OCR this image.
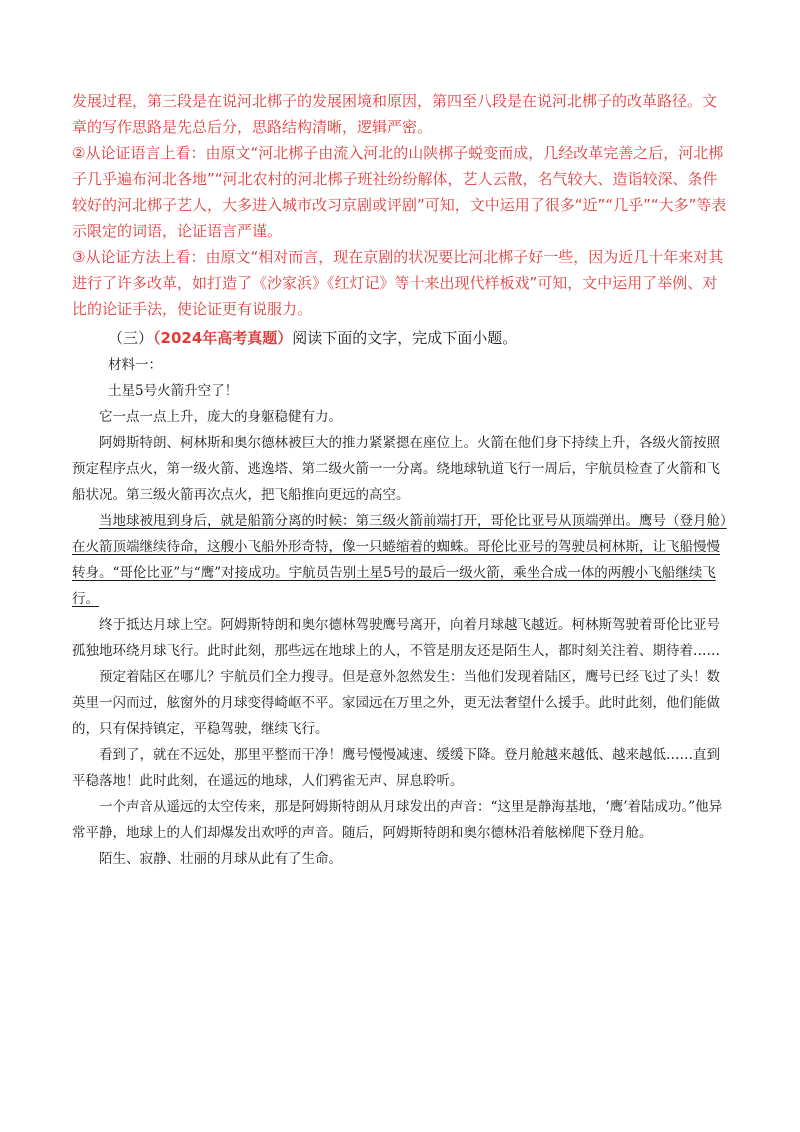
发展过程，第三段是在说河北梆子的发展困境和原因，第四至八段是在说河北梆子的改革路径。文章的写作思路是先总后分，思路结构清晰，逻辑严密。

②从论证语言上看：由原文“河北梆子由流入河北的山陕梆子蜕变而成，几经改革完善之后，河北梆子几乎遍布河北各地”“河北农村的河北梆子班社纷纷解体，艺人云散，名气较大、造诣较深、条件较好的河北梆子艺人，大多进入城市改习京剧或评剧”可知，文中运用了很多“近”“几乎”“大多”等表示限定的词语，论证语言严谨。

③从论证方法上看：由原文“相对而言，现在京剧的状况要比河北梆子好一些，因为近几十年来对其进行了许多改革，如打造了《沙家浜》《红灯记》等十来出现代样板戏”可知，文中运用了举例、对比的论证手法，使论证更有说服力。

（三）（2024年高考真题）阅读下面的文字，完成下面小题。

材料一：

土星5号火箭升空了！

它一点一点上升，庞大的身躯稳健有力。

阿姆斯特朗、柯林斯和奥尔德林被巨大的推力紧紧摁在座位上。火箭在他们身下持续上升，各级火箭按照预定程序点火，第一级火箭、逃逸塔、第二级火箭一一分离。绕地球轨道飞行一周后，宇航员检查了火箭和飞船状况。第三级火箭再次点火，把飞船推向更远的高空。

当地球被甩到身后，就是船箭分离的时候：第三级火箭前端打开，哥伦比亚号从顶端弹出。鹰号（登月舱）在火箭顶端继续待命，这艘小飞船外形奇特，像一只蜷缩着的蜘蛛。哥伦比亚号的驾驶员柯林斯，让飞船慢慢转身。“哥伦比亚”与“鹰”对接成功。宇航员告别土星5号的最后一级火箭，乘坐合成一体的两艘小飞船继续飞行。

终于抵达月球上空。阿姆斯特朗和奥尔德林驾驶鹰号离开，向着月球越飞越近。柯林斯驾驶着哥伦比亚号孤独地环绕月球飞行。此时此刻，那些远在地球上的人，不管是朋友还是陌生人，都时刻关注着、期待着……

预定着陆区在哪儿？宇航员们全力搜寻。但是意外忽然发生：当他们发现着陆区，鹰号已经飞过了头！数英里一闪而过，舷窗外的月球变得崎岖不平。家园远在万里之外，更无法奢望什么援手。此时此刻，他们能做的，只有保持镇定，平稳驾驶，继续飞行。

看到了，就在不远处，那里平整而干净！鹰号慢慢减速、缓缓下降。登月舱越来越低、越来越低……直到平稳落地！此时此刻，在遥远的地球，人们鸦雀无声、屏息聆听。

一个声音从遥远的太空传来，那是阿姆斯特朗从月球发出的声音：“这里是静海基地，‘鹰’着陆成功。”他异常平静，地球上的人们却爆发出欢呼的声音。随后，阿姆斯特朗和奥尔德林沿着舷梯爬下登月舱。

陌生、寂静、壮丽的月球从此有了生命。
